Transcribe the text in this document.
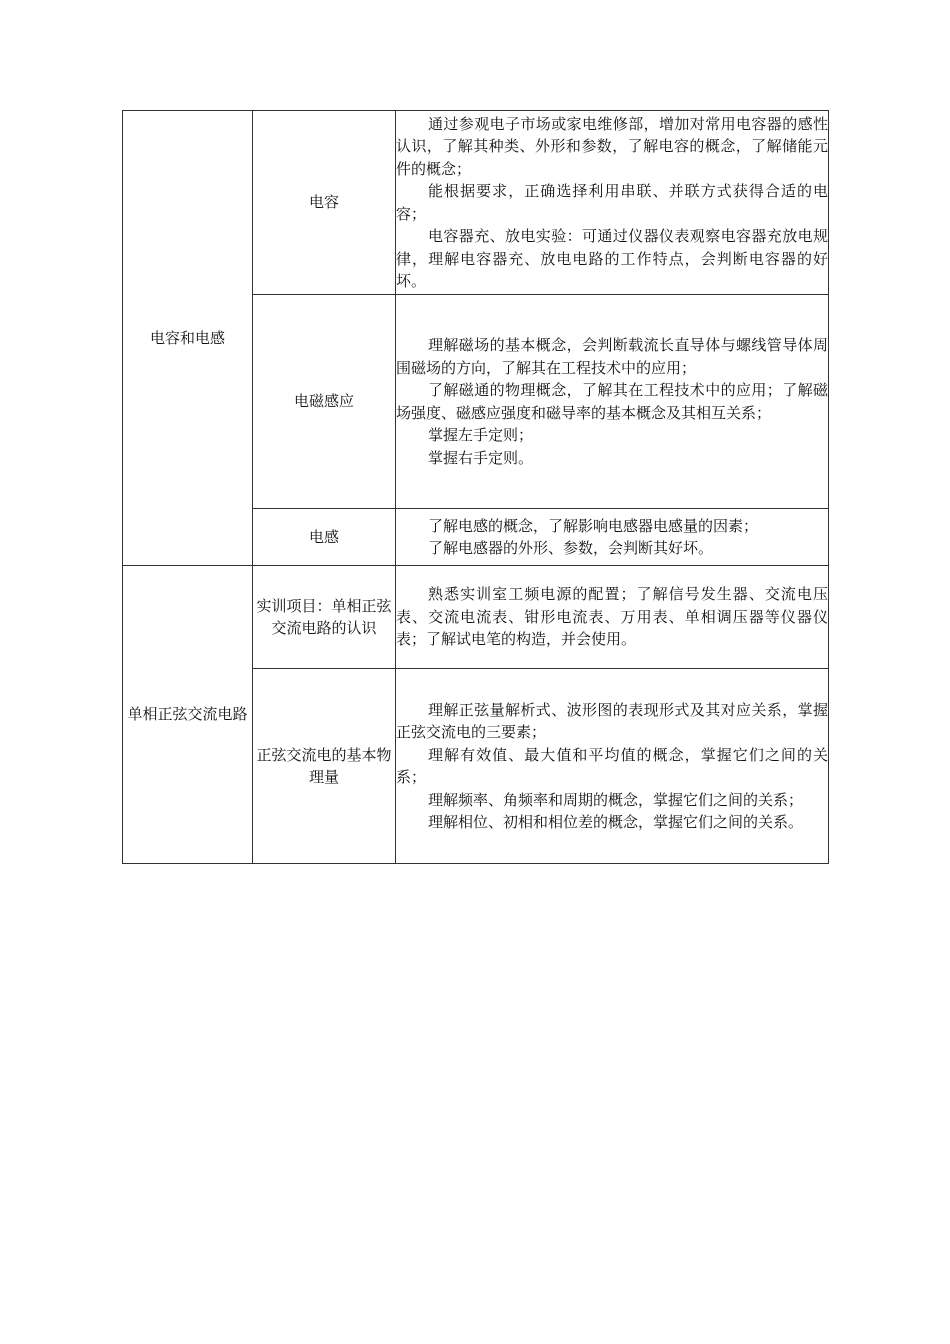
电容和电感	电容	通过参观电子市场或家电维修部，增加对常用电容器的感性认识，了解其种类、外形和参数，了解电容的概念，了解储能元件的概念；

能根据要求，正确选择利用串联、并联方式获得合适的电容；

电容器充、放电实验：可通过仪器仪表观察电容器充放电规律，理解电容器充、放电电路的工作特点，会判断电容器的好坏。

	电磁感应	理解磁场的基本概念，会判断载流长直导体与螺线管导体周围磁场的方向，了解其在工程技术中的应用；

了解磁通的物理概念，了解其在工程技术中的应用；了解磁场强度、磁感应强度和磁导率的基本概念及其相互关系；

掌握左手定则；

掌握右手定则。

	电感	了解电感的概念，了解影响电感器电感量的因素；

了解电感器的外形、参数，会判断其好坏。

单相正弦交流电路	实训项目：单相正弦交流电路的认识	熟悉实训室工频电源的配置；了解信号发生器、交流电压表、交流电流表、钳形电流表、万用表、单相调压器等仪器仪表；了解试电笔的构造，并会使用。

	正弦交流电的基本物理量	理解正弦量解析式、波形图的表现形式及其对应关系，掌握正弦交流电的三要素；

理解有效值、最大值和平均值的概念，掌握它们之间的关系；

理解频率、角频率和周期的概念，掌握它们之间的关系；

理解相位、初相和相位差的概念，掌握它们之间的关系。
